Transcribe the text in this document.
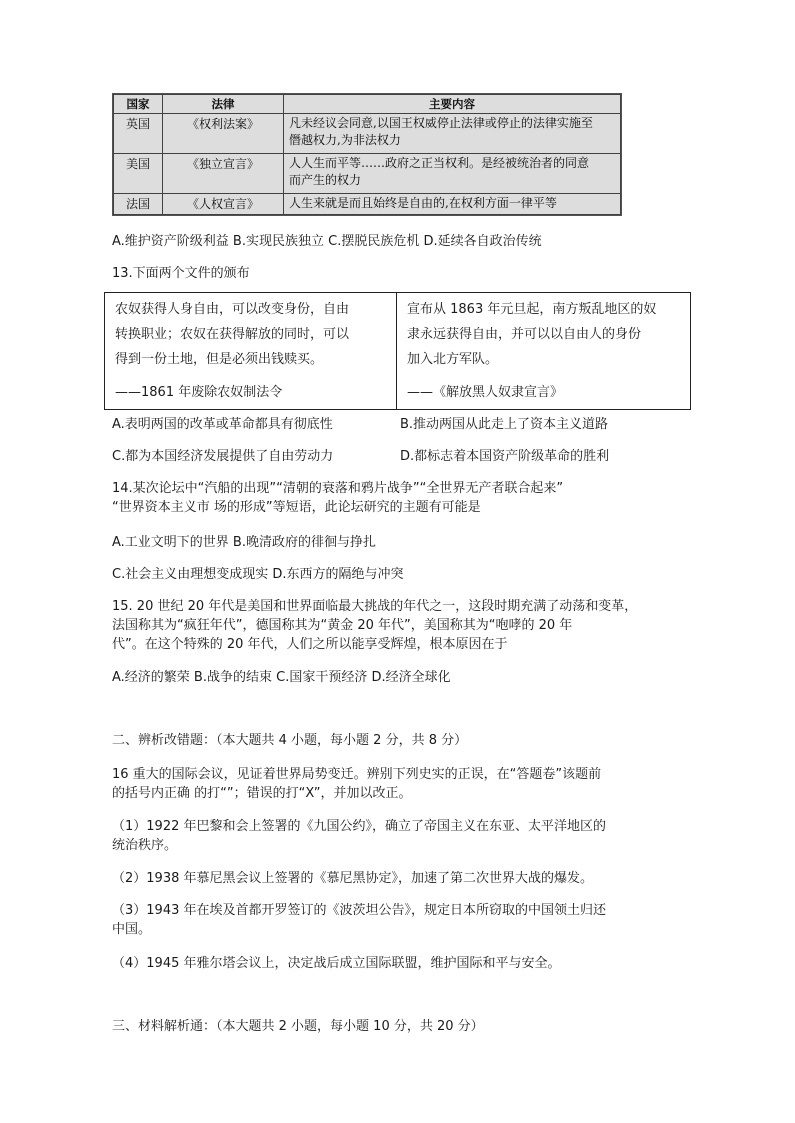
国家	法律	主要内容
英国	《权利法案》	凡未经议会同意,以国王权威停止法律或停止的法律实施至
僭越权力,为非法权力

美国	《独立宣言》	人人生而平等……政府之正当权利。是经被统治者的同意
而产生的权力

法国	《人权宣言》	人生来就是而且始终是自由的,在权利方面一律平等
A.维护资产阶级利益 B.实现民族独立 C.摆脱民族危机 D.延续各自政治传统
13.下面两个文件的颁布
农奴获得人身自由，可以改变身份，自由
转换职业；农奴在获得解放的同时，可以
得到一份土地，但是必须出钱赎买。
——1861 年废除农奴制法令
宣布从 1863 年元旦起，南方叛乱地区的奴
隶永远获得自由，并可以以自由人的身份
加入北方军队。
——《解放黑人奴隶宣言》
A.表明两国的改革或革命都具有彻底性	B.推动两国从此走上了资本主义道路
C.都为本国经济发展提供了自由劳动力	D.都标志着本国资产阶级革命的胜利
14.某次论坛中“汽船的出现”“清朝的衰落和鸦片战争”“全世界无产者联合起来”
“世界资本主义市 场的形成”等短语，此论坛研究的主题有可能是
A.工业文明下的世界 B.晚清政府的徘徊与挣扎
C.社会主义由理想变成现实 D.东西方的隔绝与冲突
15. 20 世纪 20 年代是美国和世界面临最大挑战的年代之一，这段时期充满了动荡和变革，
法国称其为“疯狂年代”，德国称其为“黄金 20 年代”，美国称其为“咆哮的 20 年
代”。在这个特殊的 20 年代，人们之所以能享受辉煌，根本原因在于
A.经济的繁荣 B.战争的结束 C.国家干预经济 D.经济全球化
二、辨析改错题：（本大题共 4 小题，每小题 2 分，共 8 分）
16 重大的国际会议，见证着世界局势变迁。辨别下列史实的正误，在“答题卷”该题前
的括号内正确 的打“”；错误的打“X”，并加以改正。
（1）1922 年巴黎和会上签署的《九国公约》，确立了帝国主义在东亚、太平洋地区的
统治秩序。
（2）1938 年慕尼黑会议上签署的《慕尼黑协定》，加速了第二次世界大战的爆发。
（3）1943 年在埃及首都开罗签订的《波茨坦公告》，规定日本所窃取的中国领土归还
中国。
（4）1945 年雅尔塔会议上，决定战后成立国际联盟，维护国际和平与安全。
三、材料解析通：（本大题共 2 小题，每小题 10 分，共 20 分）
